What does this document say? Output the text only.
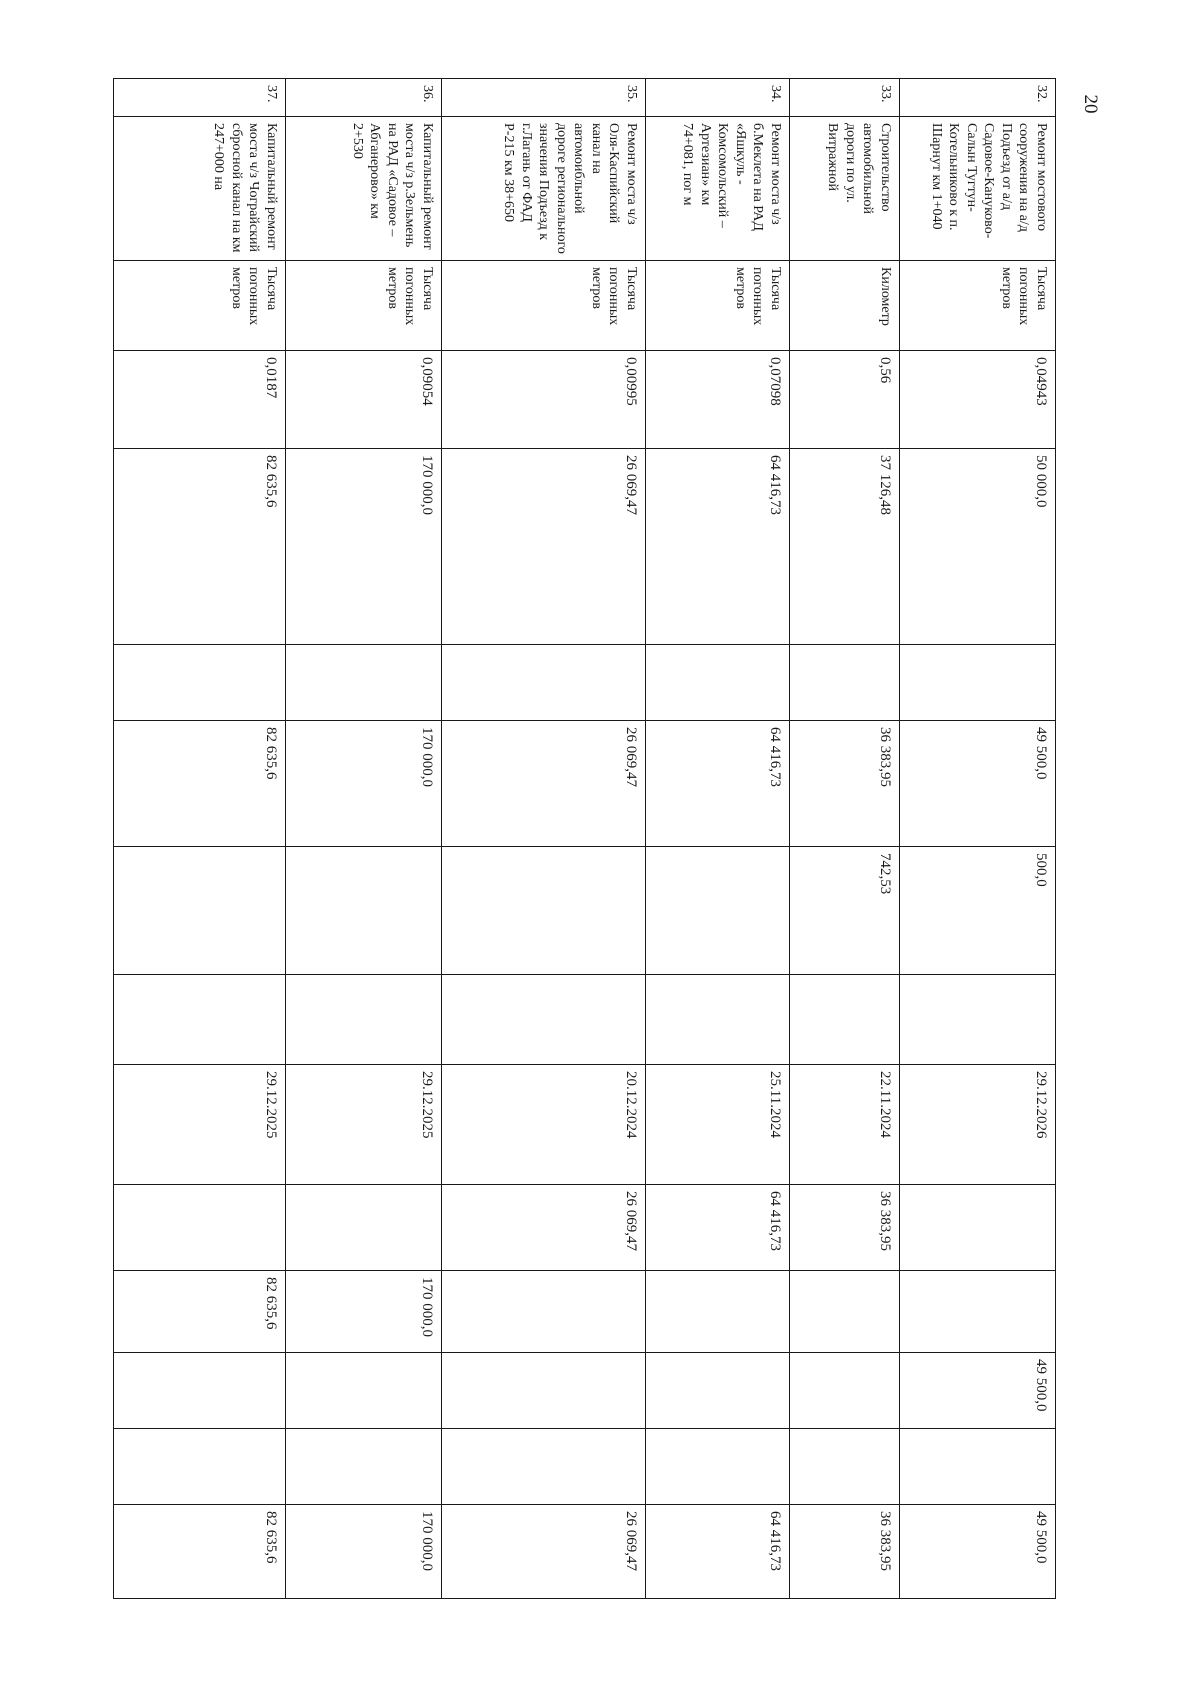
20
32.	Ремонт мостового сооружения на а/д Подъезд от а/д Садовое-Кануково-Салын Тугтун-Котельниково к п. Шарнут км 1+040	Тысяча погонных метров	0,04943	50 000,0		49 500,0	500,0		29.12.2026			49 500,0		49 500,0
33.	Строительство автомобильной дороги по ул. Витражной	Километр	0,56	37 126,48		36 383,95	742,53		22.11.2024	36 383,95				36 383,95
34.	Ремонт моста ч/з б.Меклета на РАД «Яшкуль - Комсомольский – Артезиан» км 74+081, пог м	Тысяча погонных метров	0,07098	64 416,73		64 416,73			25.11.2024	64 416,73				64 416,73
35.	Ремонт моста ч/з Оля-Каспийский канал на автомоибльной дороге регионального значения Подъезд к г.Лагань от ФАД Р-215 км 38+650	Тысяча погонных метров	0,00995	26 069,47		26 069,47			20.12.2024	26 069,47				26 069,47
36.	Капитальный ремонт моста ч/з р.Зельмень на РАД «Садовое – Абганерово» км 2+530	Тысяча погонных метров	0,09054	170 000,0		170 000,0			29.12.2025		170 000,0			170 000,0
37.	Капитальный ремонт моста ч/з Чограйский сбросной канал на км 247+000 на	Тысяча погонных метров	0,0187	82 635,6		82 635,6			29.12.2025		82 635,6			82 635,6
